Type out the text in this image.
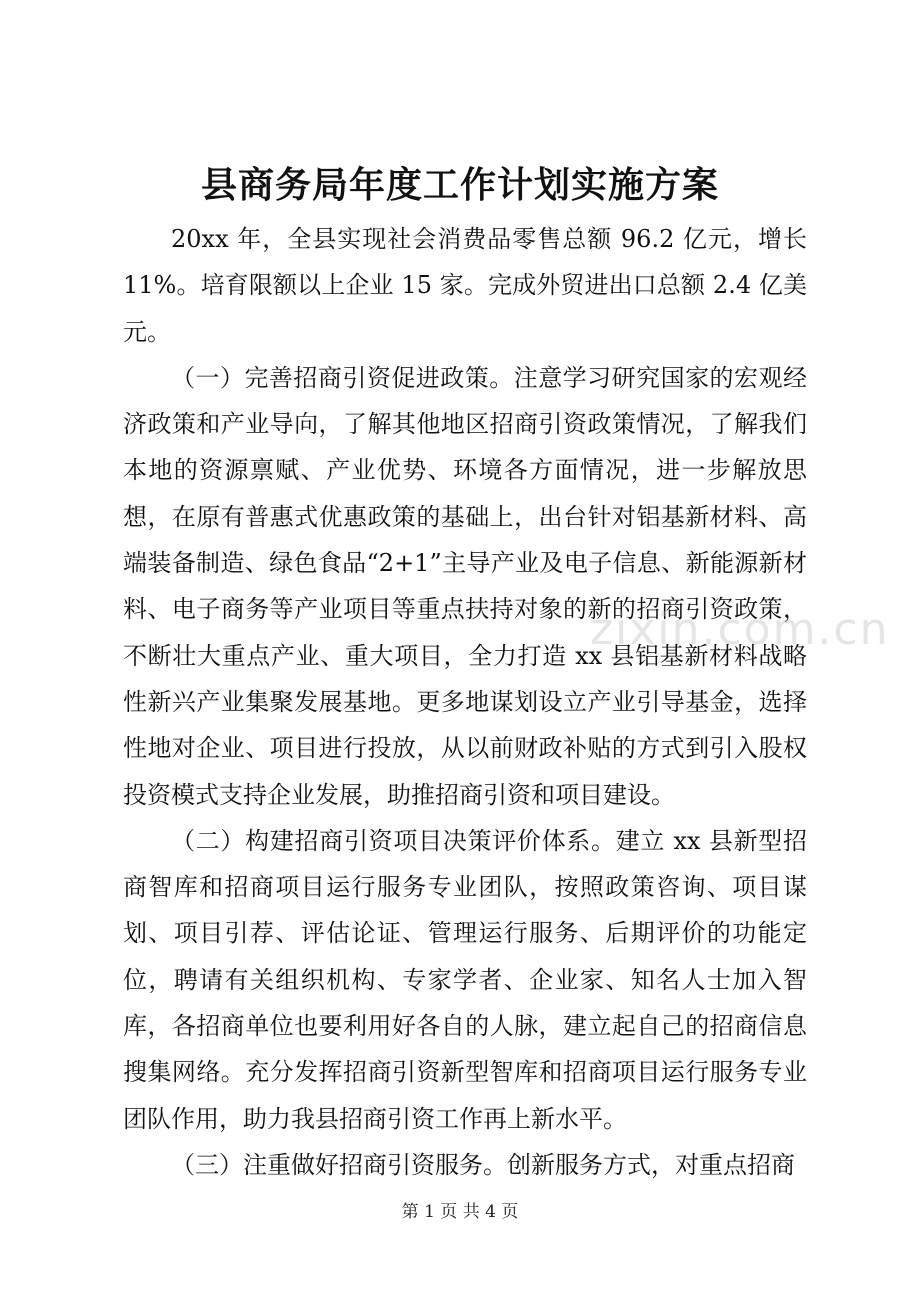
县商务局年度工作计划实施方案

20xx 年，全县实现社会消费品零售总额 96.2 亿元，增长 11%。培育限额以上企业 15 家。完成外贸进出口总额 2.4 亿美元。

（一）完善招商引资促进政策。注意学习研究国家的宏观经济政策和产业导向，了解其他地区招商引资政策情况，了解我们本地的资源禀赋、产业优势、环境各方面情况，进一步解放思想，在原有普惠式优惠政策的基础上，出台针对铝基新材料、高端装备制造、绿色食品“2+1”主导产业及电子信息、新能源新材料、电子商务等产业项目等重点扶持对象的新的招商引资政策，不断壮大重点产业、重大项目，全力打造 xx 县铝基新材料战略性新兴产业集聚发展基地。更多地谋划设立产业引导基金，选择性地对企业、项目进行投放，从以前财政补贴的方式到引入股权投资模式支持企业发展，助推招商引资和项目建设。

（二）构建招商引资项目决策评价体系。建立 xx 县新型招商智库和招商项目运行服务专业团队，按照政策咨询、项目谋划、项目引荐、评估论证、管理运行服务、后期评价的功能定位，聘请有关组织机构、专家学者、企业家、知名人士加入智库，各招商单位也要利用好各自的人脉，建立起自己的招商信息搜集网络。充分发挥招商引资新型智库和招商项目运行服务专业团队作用，助力我县招商引资工作再上新水平。

（三）注重做好招商引资服务。创新服务方式，对重点招商

zixin.com.cn
第 1 页 共 4 页
